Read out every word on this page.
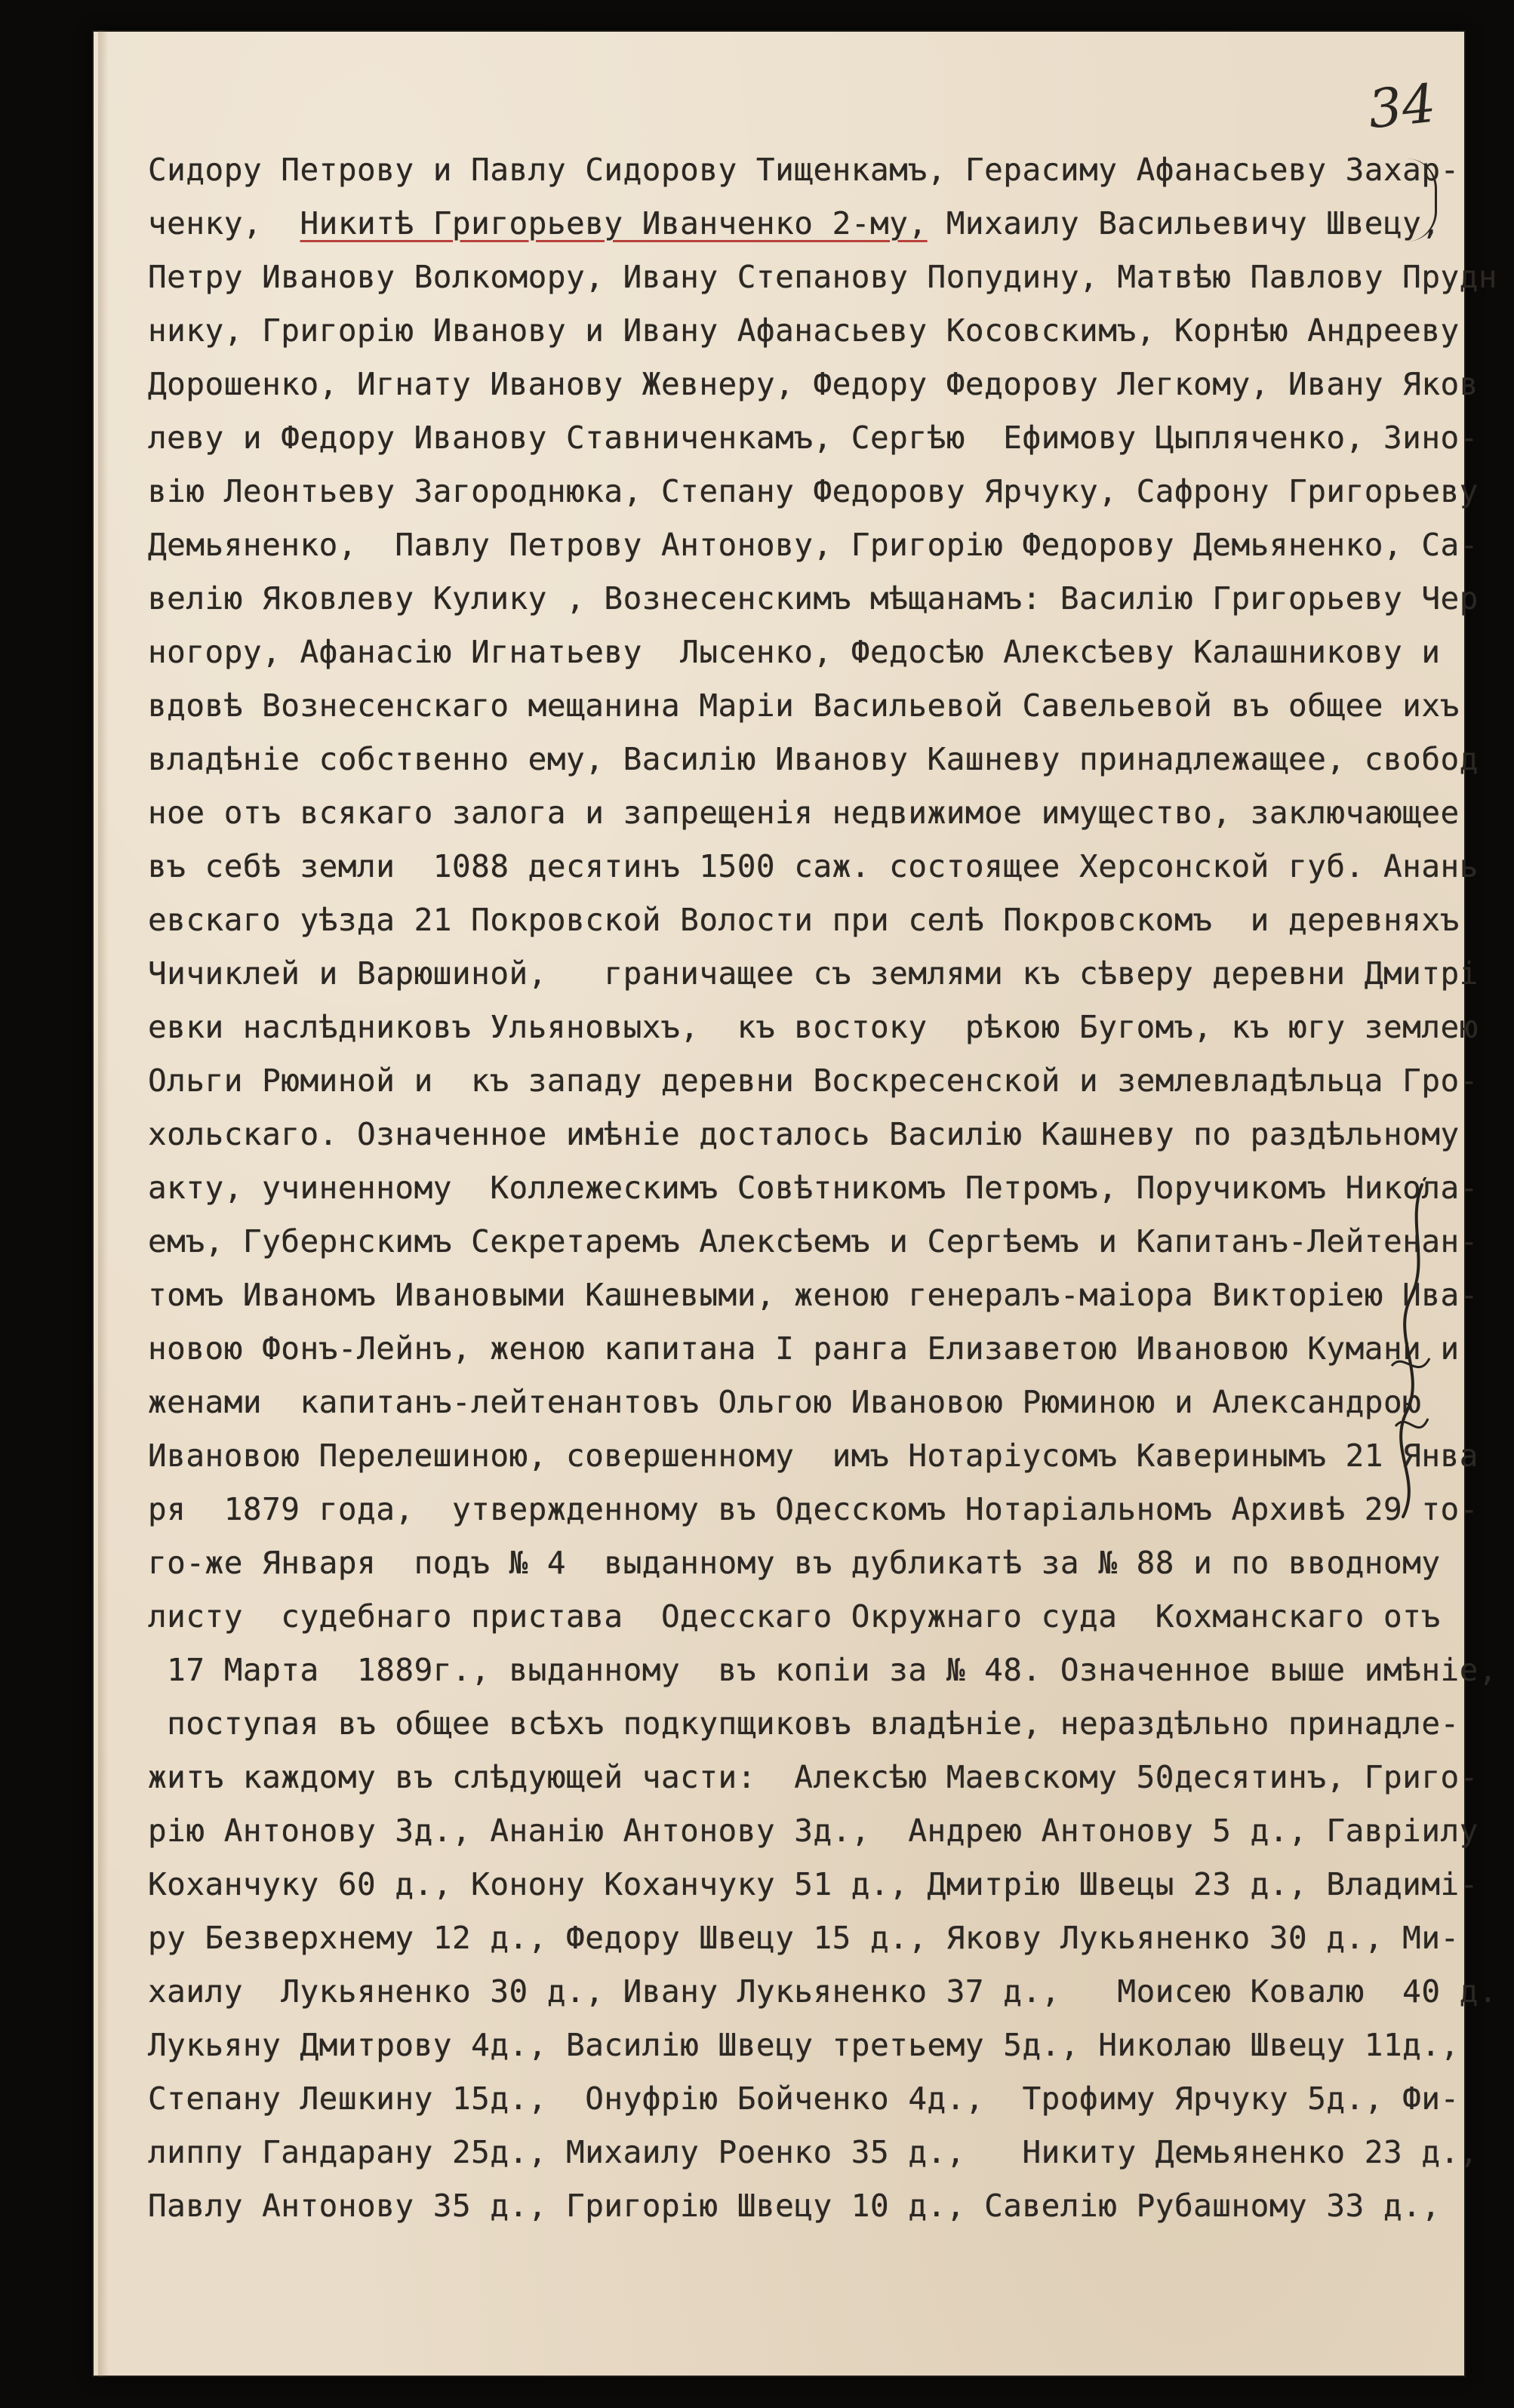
34
Сидору Петрову и Павлу Сидорову Тищенкамъ, Герасиму Афанасьеву Захар-
ченку,  Никитѣ Григорьеву Иванченко 2-му, Михаилу Васильевичу Швецу,
Петру Иванову Волкомору, Ивану Степанову Попудину, Матвѣю Павлову Прудн
нику, Григорію Иванову и Ивану Афанасьеву Косовскимъ, Корнѣю Андрееву
Дорошенко, Игнату Иванову Жевнеру, Федору Федорову Легкому, Ивану Яков
леву и Федору Иванову Ставниченкамъ, Сергѣю  Ефимову Цыпляченко, Зино-
вію Леонтьеву Загороднюка, Степану Федорову Ярчуку, Сафрону Григорьеву
Демьяненко,  Павлу Петрову Антонову, Григорію Федорову Демьяненко, Са-
велію Яковлеву Кулику , Вознесенскимъ мѣщанамъ: Василію Григорьеву Чер
ногору, Афанасію Игнатьеву  Лысенко, Федосѣю Алексѣеву Калашникову и
вдовѣ Вознесенскаго мещанина Маріи Васильевой Савельевой въ общее ихъ
владѣніе собственно ему, Василію Иванову Кашневу принадлежащее, свобод
ное отъ всякаго залога и запрещенія недвижимое имущество, заключающее
въ себѣ земли  1088 десятинъ 1500 саж. состоящее Херсонской губ. Анань
евскаго уѣзда 21 Покровской Волости при селѣ Покровскомъ  и деревняхъ
Чичиклей и Варюшиной,   граничащее съ землями къ сѣверу деревни Дмитрі
евки наслѣдниковъ Ульяновыхъ,  къ востоку  рѣкою Бугомъ, къ югу землею
Ольги Рюминой и  къ западу деревни Воскресенской и землевладѣльца Гро-
хольскаго. Означенное имѣніе досталось Василію Кашневу по раздѣльному
акту, учиненному  Коллежескимъ Совѣтникомъ Петромъ, Поручикомъ Никола-
емъ, Губернскимъ Секретаремъ Алексѣемъ и Сергѣемъ и Капитанъ-Лейтенан-
томъ Иваномъ Ивановыми Кашневыми, женою генералъ-маіора Викторіею Ива-
новою Фонъ-Лейнъ, женою капитана I ранга Елизаветою Ивановою Кумани и
женами  капитанъ-лейтенантовъ Ольгою Ивановою Рюминою и Александрою
Ивановою Перелешиною, совершенному  имъ Нотаріусомъ Каверинымъ 21 Янва
ря  1879 года,  утвержденному въ Одесскомъ Нотаріальномъ Архивѣ 29 то-
го-же Января  подъ № 4  выданному въ дубликатѣ за № 88 и по вводному
листу  судебнаго пристава  Одесскаго Окружнаго суда  Кохманскаго отъ
17 Марта  1889г., выданному  въ копіи за № 48. Означенное выше имѣніе,
поступая въ общее всѣхъ подкупщиковъ владѣніе, нераздѣльно принадле-
житъ каждому въ слѣдующей части:  Алексѣю Маевскому 50десятинъ, Григо-
рію Антонову 3д., Ананію Антонову 3д.,  Андрею Антонову 5 д., Гавріилу
Коханчуку 60 д., Конону Коханчуку 51 д., Дмитрію Швецы 23 д., Владимі-
ру Безверхнему 12 д., Федору Швецу 15 д., Якову Лукьяненко 30 д., Ми-
хаилу  Лукьяненко 30 д., Ивану Лукьяненко 37 д.,   Моисею Ковалю  40 д.
Лукьяну Дмитрову 4д., Василію Швецу третьему 5д., Николаю Швецу 11д.,
Степану Лешкину 15д.,  Онуфрію Бойченко 4д.,  Трофиму Ярчуку 5д., Фи-
липпу Гандарану 25д., Михаилу Роенко 35 д.,   Никиту Демьяненко 23 д.,
Павлу Антонову 35 д., Григорію Швецу 10 д., Савелію Рубашному 33 д.,
